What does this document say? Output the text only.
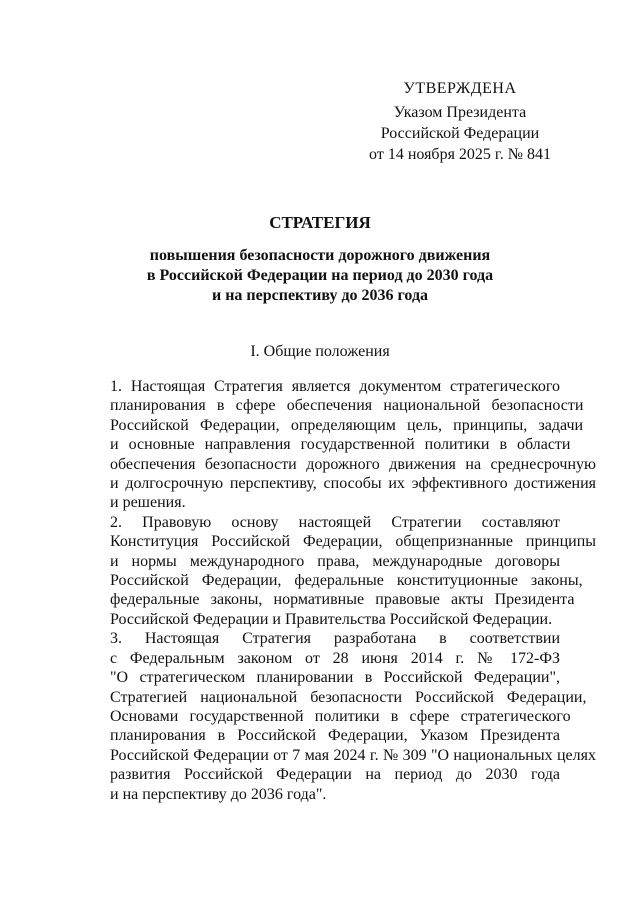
УТВЕРЖДЕНА
Указом Президента
Российской Федерации
от 14 ноября 2025 г. № 841
СТРАТЕГИЯ
повышения безопасности дорожного движения
в Российской Федерации на период до 2030 года
и на перспективу до 2036 года
I. Общие положения
1. Настоящая Стратегия является документом стратегического
планирования в сфере обеспечения национальной безопасности
Российской Федерации, определяющим цель, принципы, задачи
и основные направления государственной политики в области
обеспечения безопасности дорожного движения на среднесрочную
и долгосрочную перспективу, способы их эффективного достижения
и решения.
2. Правовую основу настоящей Стратегии составляют
Конституция Российской Федерации, общепризнанные принципы
и нормы международного права, международные договоры
Российской Федерации, федеральные конституционные законы,
федеральные законы, нормативные правовые акты Президента
Российской Федерации и Правительства Российской Федерации.
3. Настоящая Стратегия разработана в соответствии
с Федеральным законом от 28 июня 2014 г. № 172-ФЗ
"О стратегическом планировании в Российской Федерации",
Стратегией национальной безопасности Российской Федерации,
Основами государственной политики в сфере стратегического
планирования в Российской Федерации, Указом Президента
Российской Федерации от 7 мая 2024 г. № 309 "О национальных целях
развития Российской Федерации на период до 2030 года
и на перспективу до 2036 года".
